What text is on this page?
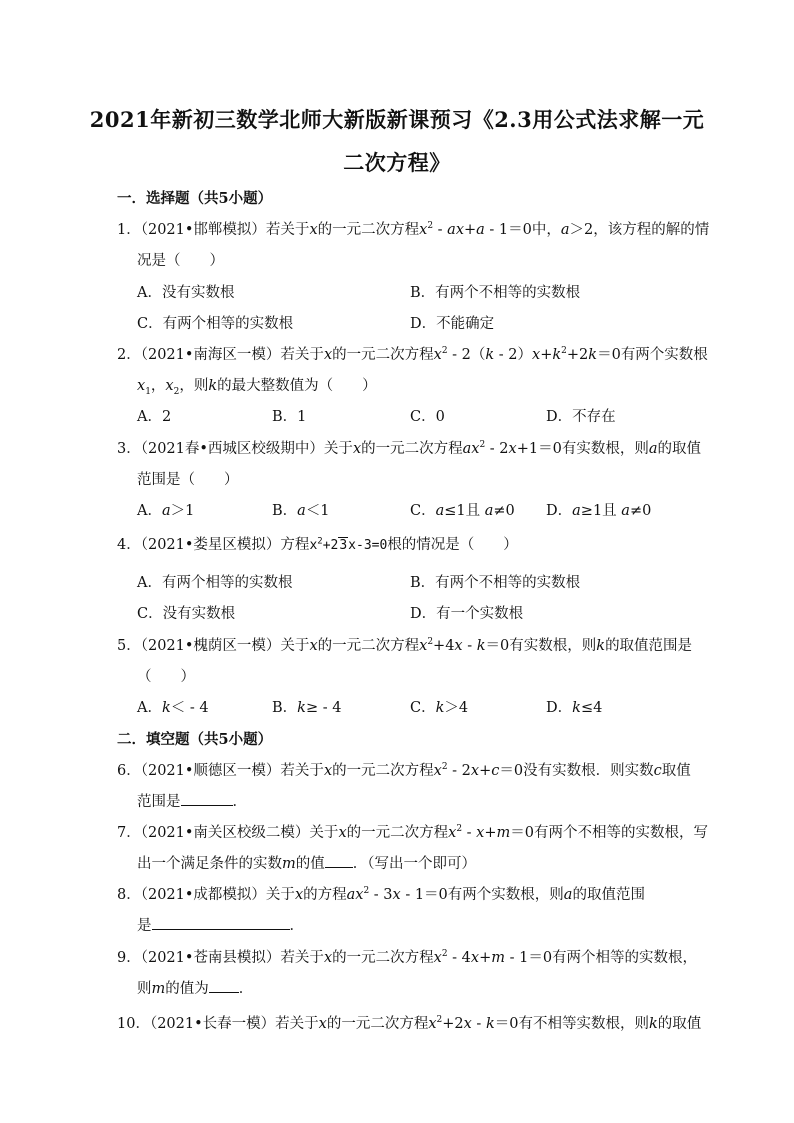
2021年新初三数学北师大新版新课预习《2.3用公式法求解一元
二次方程》
一．选择题（共5小题）
1．（2021•邯郸模拟）若关于x的一元二次方程$x^2 - ax+a - 1=0$中，a＞2，该方程的解的情
况是（　　）
A．没有实数根	B．有两个不相等的实数根
C．有两个相等的实数根	D．不能确定
2．（2021•南海区一模）若关于x的一元二次方程$x^2 - 2(k - 2)x+k^2+2k=0$有两个实数根
$x_1$，$x_2$，则k的最大整数值为（　　）
A．2	B．1	C．0	D．不存在
3．（2021春•西城区校级期中）关于x的一元二次方程$ax^2 - 2x+1=0$有实数根，则a的取值
范围是（　　）
A．a＞1	B．a＜1	C．a≤1且 a≠0 D．a≥1且 a≠0
4．（2021•娄星区模拟）方程$x^2+23x-3=0$根的情况是（　　）
A．有两个相等的实数根	B．有两个不相等的实数根
C．没有实数根	D．有一个实数根
5．（2021•槐荫区一模）关于x的一元二次方程$x^2+4x - k=0$有实数根，则k的取值范围是
（　　）
A．k＜ - 4	B．k≥ - 4	C．k＞4	D．k≤4
二．填空题（共5小题）
6．（2021•顺德区一模）若关于x的一元二次方程$x^2 - 2x+c=0$没有实数根．则实数c取值
范围是	．
7．（2021•南关区校级二模）关于x的一元二次方程$x^2 - x+m=0$有两个不相等的实数根，写
出一个满足条件的实数m的值 ．（写出一个即可）
8．（2021•成都模拟）关于x的方程$ax^2 - 3x - 1=0$有两个实数根，则a的取值范围
是	．
9．（2021•苍南县模拟）若关于x的一元二次方程$x^2 - 4x+m - 1=0$有两个相等的实数根，
则m的值为 ．
10．（2021•长春一模）若关于x的一元二次方程$x^2+2x - k=0$有不相等实数根，则k的取值
